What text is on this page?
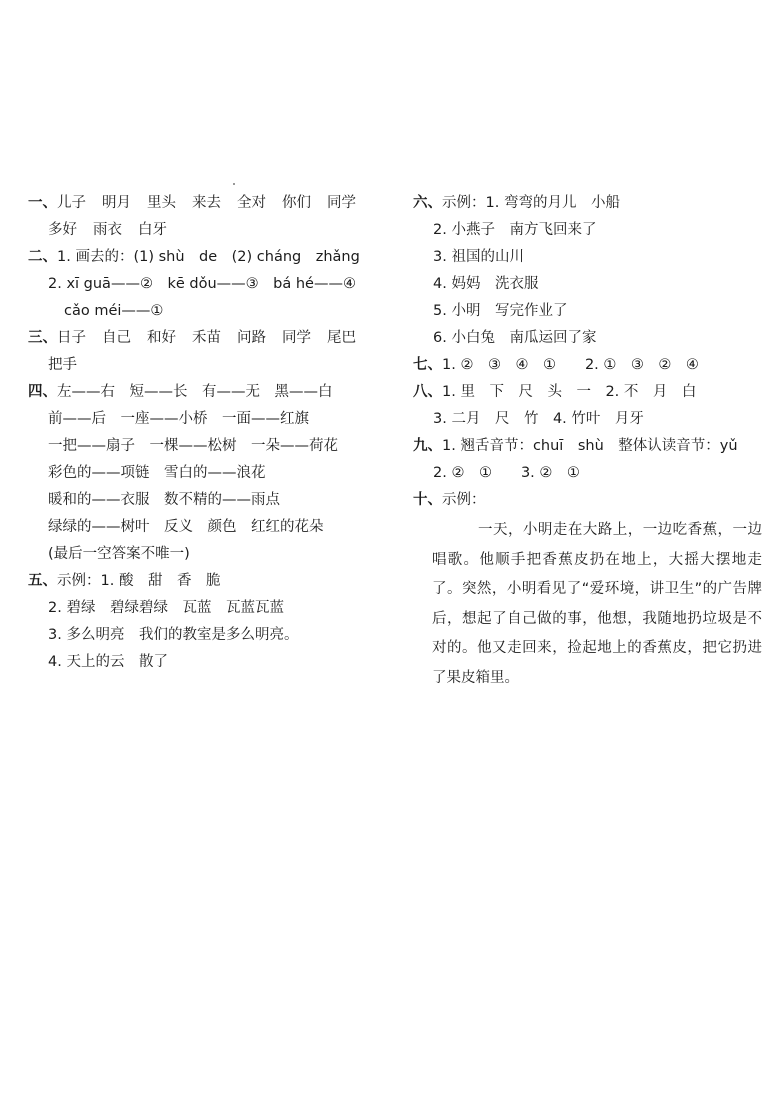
一、儿子 明月 里头 来去 全对 你们 同学
多好 雨衣 白牙
二、1. 画去的：(1) shù　de　(2) cháng　zhǎng
2. xī guā——②　kē dǒu——③　bá hé——④
cǎo méi——①
三、日子 自己 和好 禾苗 问路 同学 尾巴
把手
四、左——右　短——长　有——无　黑——白
前——后　一座——小桥　一面——红旗
一把——扇子　一棵——松树　一朵——荷花
彩色的——项链　雪白的——浪花
暖和的——衣服　数不精的——雨点
绿绿的——树叶　反义　颜色　红红的花朵
(最后一空答案不唯一)
五、示例：1. 酸　甜　香　脆
2. 碧绿　碧绿碧绿　瓦蓝　瓦蓝瓦蓝
3. 多么明亮　我们的教室是多么明亮。
4. 天上的云　散了
六、示例：1. 弯弯的月儿　小船
2. 小燕子　南方飞回来了
3. 祖国的山川
4. 妈妈　洗衣服
5. 小明　写完作业了
6. 小白兔　南瓜运回了家
七、1. ②　③　④　①　　2. ①　③　②　④
八、1. 里　下　尺　头　一　2. 不　月　白
3. 二月　尺　竹　4. 竹叶　月牙
九、1. 翘舌音节：chuī　shù　整体认读音节：yǔ
2. ②　①　　3. ②　①
十、示例：
一天，小明走在大路上，一边吃香蕉，一边唱歌。他顺手把香蕉皮扔在地上，大摇大摆地走了。突然，小明看见了“爱环境，讲卫生”的广告牌后，想起了自己做的事，他想，我随地扔垃圾是不对的。他又走回来，捡起地上的香蕉皮，把它扔进了果皮箱里。
